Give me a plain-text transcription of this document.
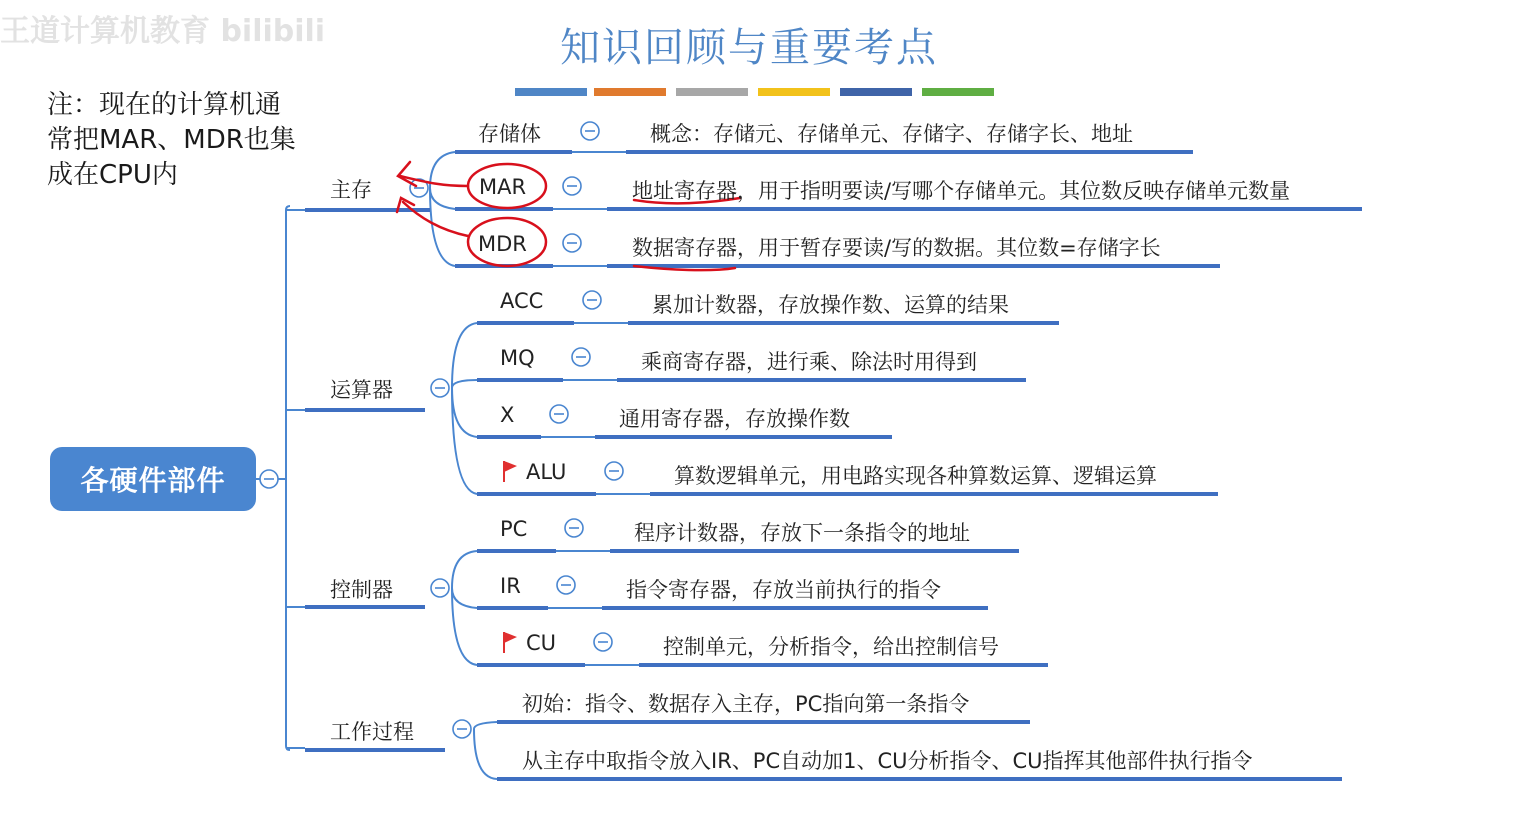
王道计算机教育 bilibili	知识回顾与重要考点
注：现在的计算机通
常把MAR、MDR也集
成在CPU内
各硬件部件
主存
运算器
控制器
工作过程
存储体	概念：存储元、存储单元、存储字、存储字长、地址
MAR	地址寄存器，用于指明要读/写哪个存储单元。其位数反映存储单元数量
MDR	数据寄存器，用于暂存要读/写的数据。其位数=存储字长
ACC	累加计数器，存放操作数、运算的结果
MQ	乘商寄存器，进行乘、除法时用得到
X	通用寄存器，存放操作数
ALU	算数逻辑单元，用电路实现各种算数运算、逻辑运算
PC	程序计数器，存放下一条指令的地址
IR	指令寄存器，存放当前执行的指令
CU	控制单元，分析指令，给出控制信号
初始：指令、数据存入主存，PC指向第一条指令
从主存中取指令放入IR、PC自动加1、CU分析指令、CU指挥其他部件执行指令
